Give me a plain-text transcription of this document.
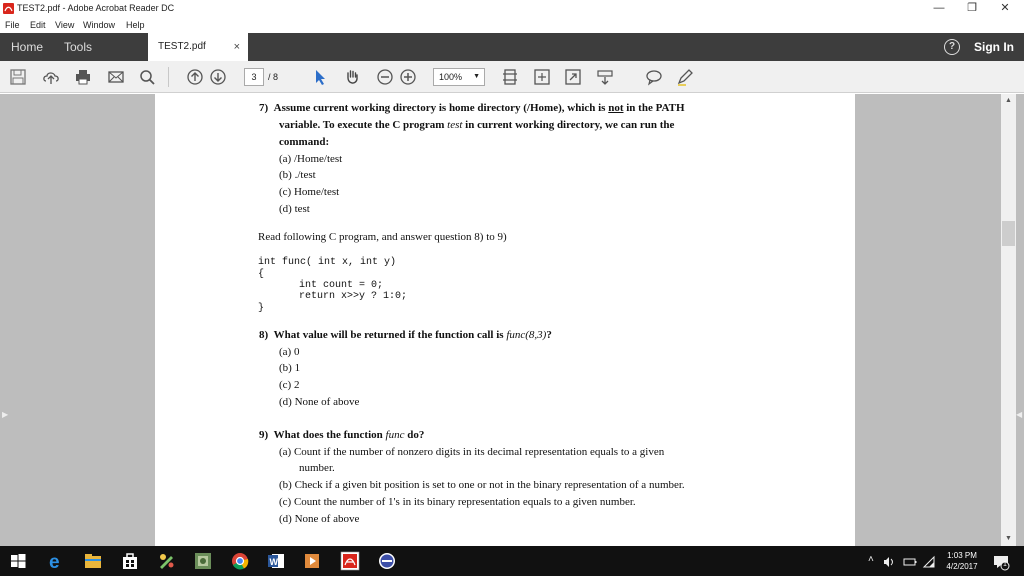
TEST2.pdf - Adobe Acrobat Reader DC	—	❐	✕
File Edit View Window Help
Home Tools	TEST2.pdf	×	?	Sign In
3	/ 8	100% ▼
7) Assume current working directory is home directory (/Home), which is not in the PATH
variable. To execute the C program test in current working directory, we can run the
command:
(a) /Home/test
(b) ./test
(c) Home/test
(d) test
Read following C program, and answer question 8) to 9)
int func( int x, int y)
{
int count = 0;
return x>>y ? 1:0;
}
8) What value will be returned if the function call is func(8,3)?
(a) 0
(b) 1
(c) 2
(d) None of above
9) What does the function func do?
(a) Count if the number of nonzero digits in its decimal representation equals to a given
number.
(b) Check if a given bit position is set to one or not in the binary representation of a number.
(c) Count the number of 1's in its binary representation equals to a given number.
(d) None of above
▶	◀
▲
▼
e	W	˄	1:03 PM
4/2/2017	1
